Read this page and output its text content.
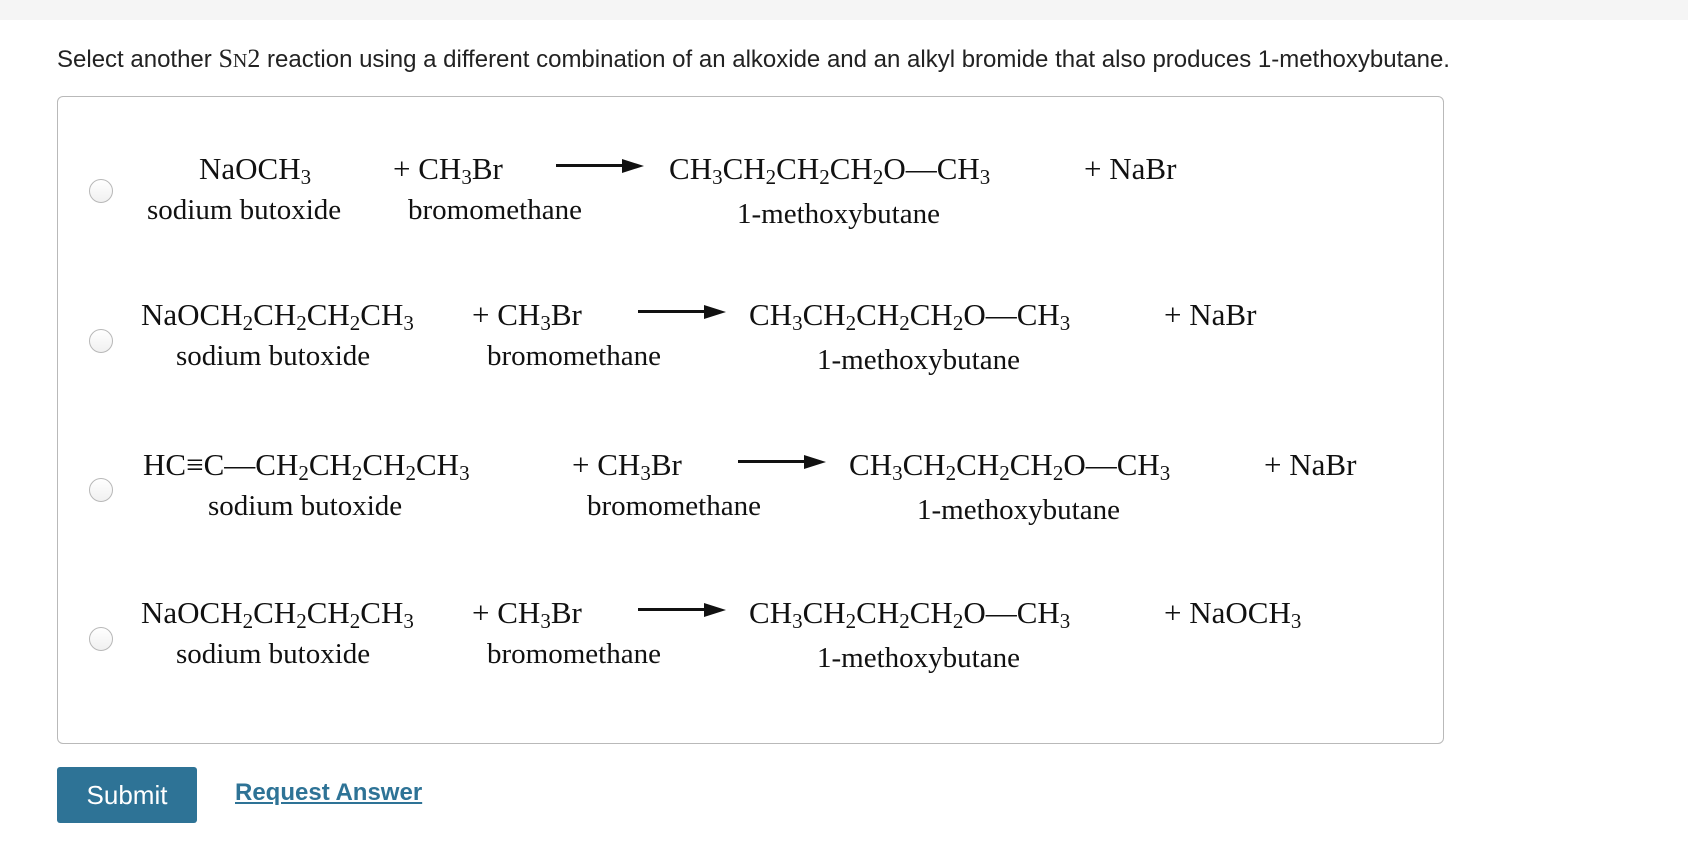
Select another SN2 reaction using a different combination of an alkoxide and an alkyl bromide that also produces 1-methoxybutane.
NaOCH$_3$
sodium butoxide
+ $CH_3Br$
bromomethane
$CH_3CH_2CH_2CH_2O—CH_3$
1-methoxybutane
+ NaBr
$NaOCH_2CH_2CH_2CH_3$
sodium butoxide
+ $CH_3Br$
bromomethane
$CH_3CH_2CH_2CH_2O—CH_3$
1-methoxybutane
+ NaBr
$HC\equiv C—CH_2CH_2CH_2CH_3$
sodium butoxide
+ $CH_3Br$
bromomethane
$CH_3CH_2CH_2CH_2O—CH_3$
1-methoxybutane
+ NaBr
$NaOCH_2CH_2CH_2CH_3$
sodium butoxide
+ $CH_3Br$
bromomethane
$CH_3CH_2CH_2CH_2O—CH_3$
1-methoxybutane
+ NaOCH$_3$
Submit	Request Answer
